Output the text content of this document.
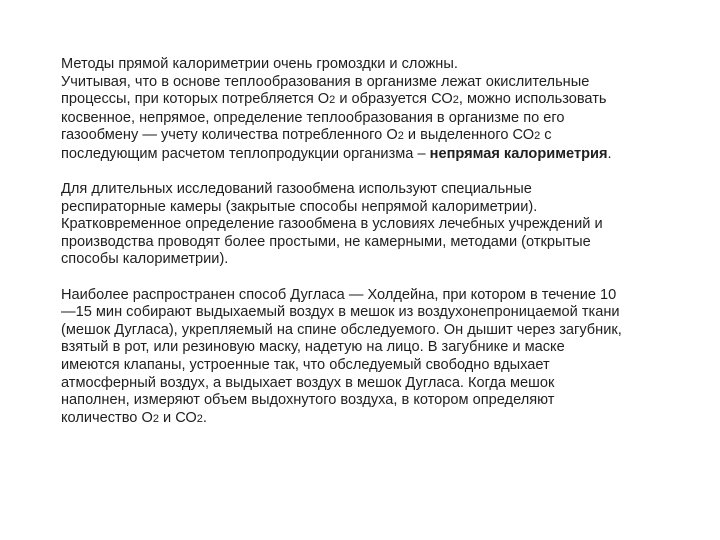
Методы прямой калориметрии очень громоздки и сложны.
Учитывая, что в основе теплообразования в организме лежат окислительные
процессы, при которых потребляется О2 и образуется СО2, можно использовать
косвенное, непрямое, определение теплообразования в организме по его
газообмену — учету количества потребленного О2 и выделенного СО2 с
последующим расчетом теплопродукции организма – непрямая калориметрия.

Для длительных исследований газообмена используют специальные
респираторные камеры (закрытые способы непрямой калориметрии).
Кратковременное определение газообмена в условиях лечебных учреждений и
производства проводят более простыми, не камерными, методами (открытые
способы калориметрии).

Наиболее распространен способ Дугласа — Холдейна, при котором в течение 10
—15 мин собирают выдыхаемый воздух в мешок из воздухонепроницаемой ткани
(мешок Дугласа), укрепляемый на спине обследуемого. Он дышит через загубник,
взятый в рот, или резиновую маску, надетую на лицо. В загубнике и маске
имеются клапаны, устроенные так, что обследуемый свободно вдыхает
атмосферный воздух, а выдыхает воздух в мешок Дугласа. Когда мешок
наполнен, измеряют объем выдохнутого воздуха, в котором определяют
количество О2 и СО2.
